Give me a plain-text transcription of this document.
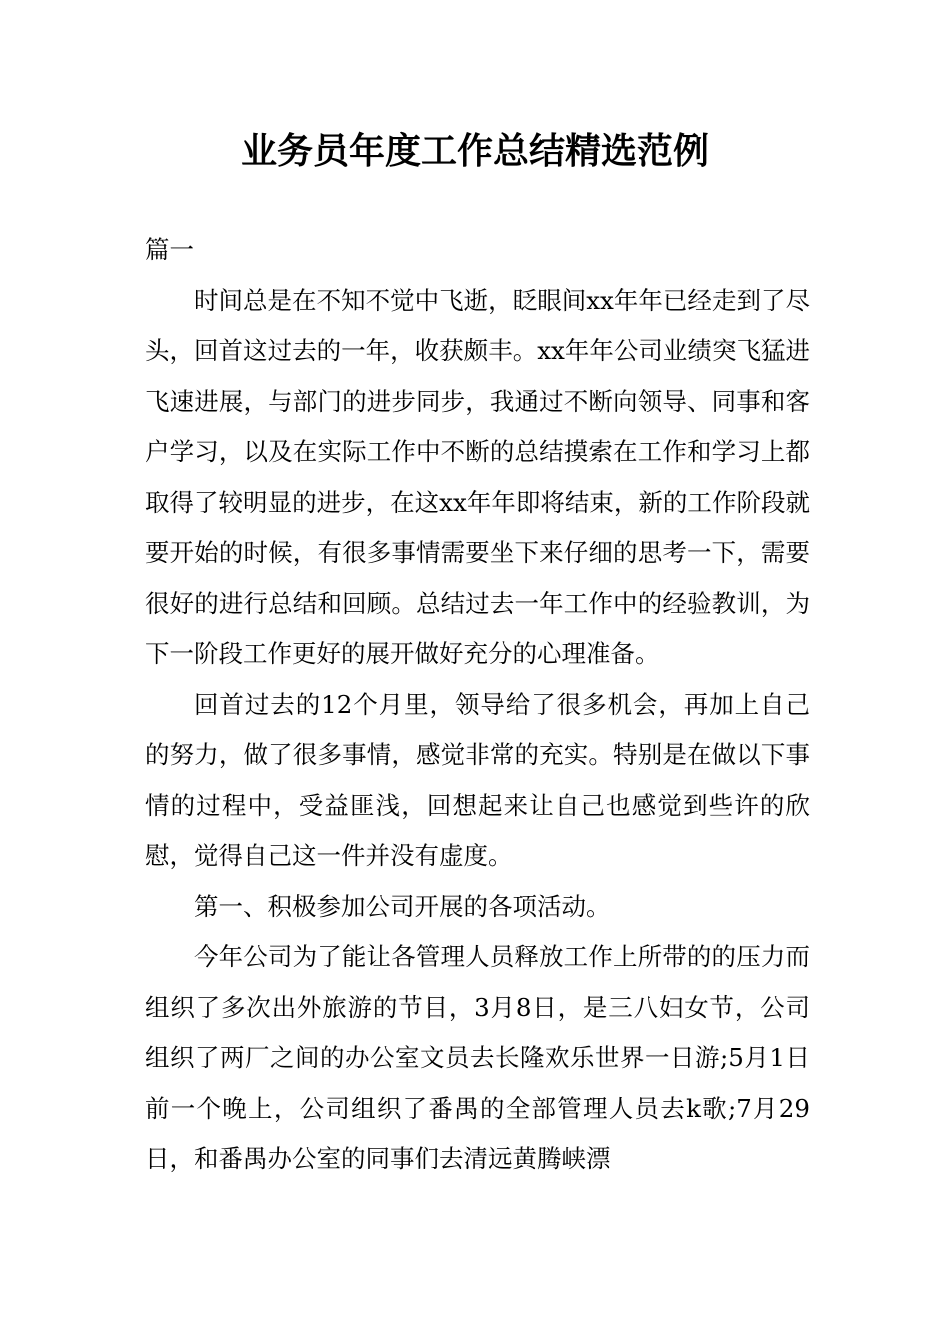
业务员年度工作总结精选范例

篇一

时间总是在不知不觉中飞逝，眨眼间xx年年已经走到了尽头，回首这过去的一年，收获颇丰。xx年年公司业绩突飞猛进飞速进展，与部门的进步同步，我通过不断向领导、同事和客户学习，以及在实际工作中不断的总结摸索在工作和学习上都取得了较明显的进步，在这xx年年即将结束，新的工作阶段就要开始的时候，有很多事情需要坐下来仔细的思考一下，需要很好的进行总结和回顾。总结过去一年工作中的经验教训，为下一阶段工作更好的展开做好充分的心理准备。

回首过去的12个月里，领导给了很多机会，再加上自己的努力，做了很多事情，感觉非常的充实。特别是在做以下事情的过程中，受益匪浅，回想起来让自己也感觉到些许的欣慰，觉得自己这一件并没有虚度。

第一、积极参加公司开展的各项活动。

今年公司为了能让各管理人员释放工作上所带的的压力而组织了多次出外旅游的节目，3月8日，是三八妇女节，公司组织了两厂之间的办公室文员去长隆欢乐世界一日游;5月1日前一个晚上，公司组织了番禺的全部管理人员去k歌;7月29日，和番禺办公室的同事们去清远黄腾峡漂
